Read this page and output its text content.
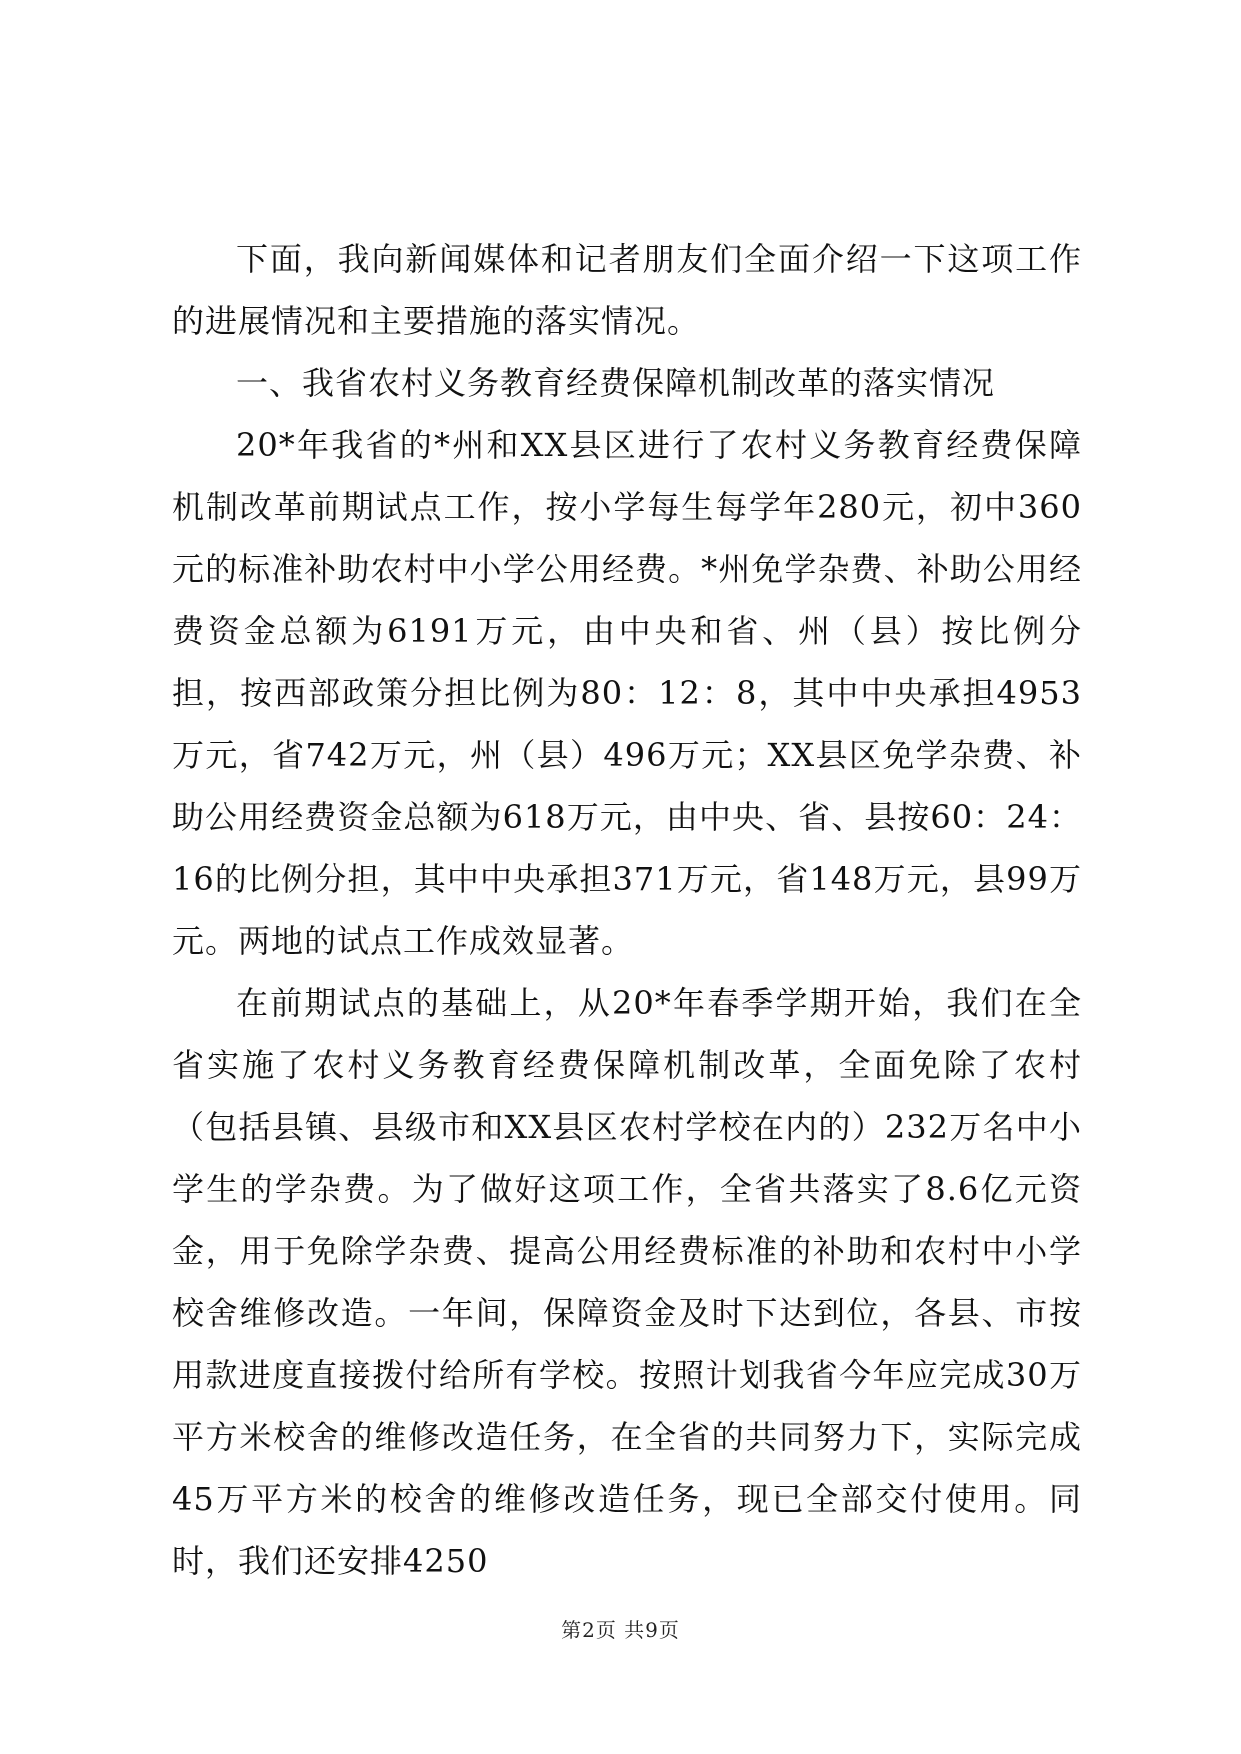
下面，我向新闻媒体和记者朋友们全面介绍一下这项工作的进展情况和主要措施的落实情况。

一、我省农村义务教育经费保障机制改革的落实情况

20*年我省的*州和XX县区进行了农村义务教育经费保障机制改革前期试点工作，按小学每生每学年280元，初中360元的标准补助农村中小学公用经费。*州免学杂费、补助公用经费资金总额为6191万元，由中央和省、州（县）按比例分担，按西部政策分担比例为80：12：8，其中中央承担4953万元，省742万元，州（县）496万元；XX县区免学杂费、补助公用经费资金总额为618万元，由中央、省、县按60：24：16的比例分担，其中中央承担371万元，省148万元，县99万元。两地的试点工作成效显著。

在前期试点的基础上，从20*年春季学期开始，我们在全省实施了农村义务教育经费保障机制改革，全面免除了农村（包括县镇、县级市和XX县区农村学校在内的）232万名中小学生的学杂费。为了做好这项工作，全省共落实了8.6亿元资金，用于免除学杂费、提高公用经费标准的补助和农村中小学校舍维修改造。一年间，保障资金及时下达到位，各县、市按用款进度直接拨付给所有学校。按照计划我省今年应完成30万平方米校舍的维修改造任务，在全省的共同努力下，实际完成45万平方米的校舍的维修改造任务，现已全部交付使用。同时，我们还安排4250

第2页 共9页
